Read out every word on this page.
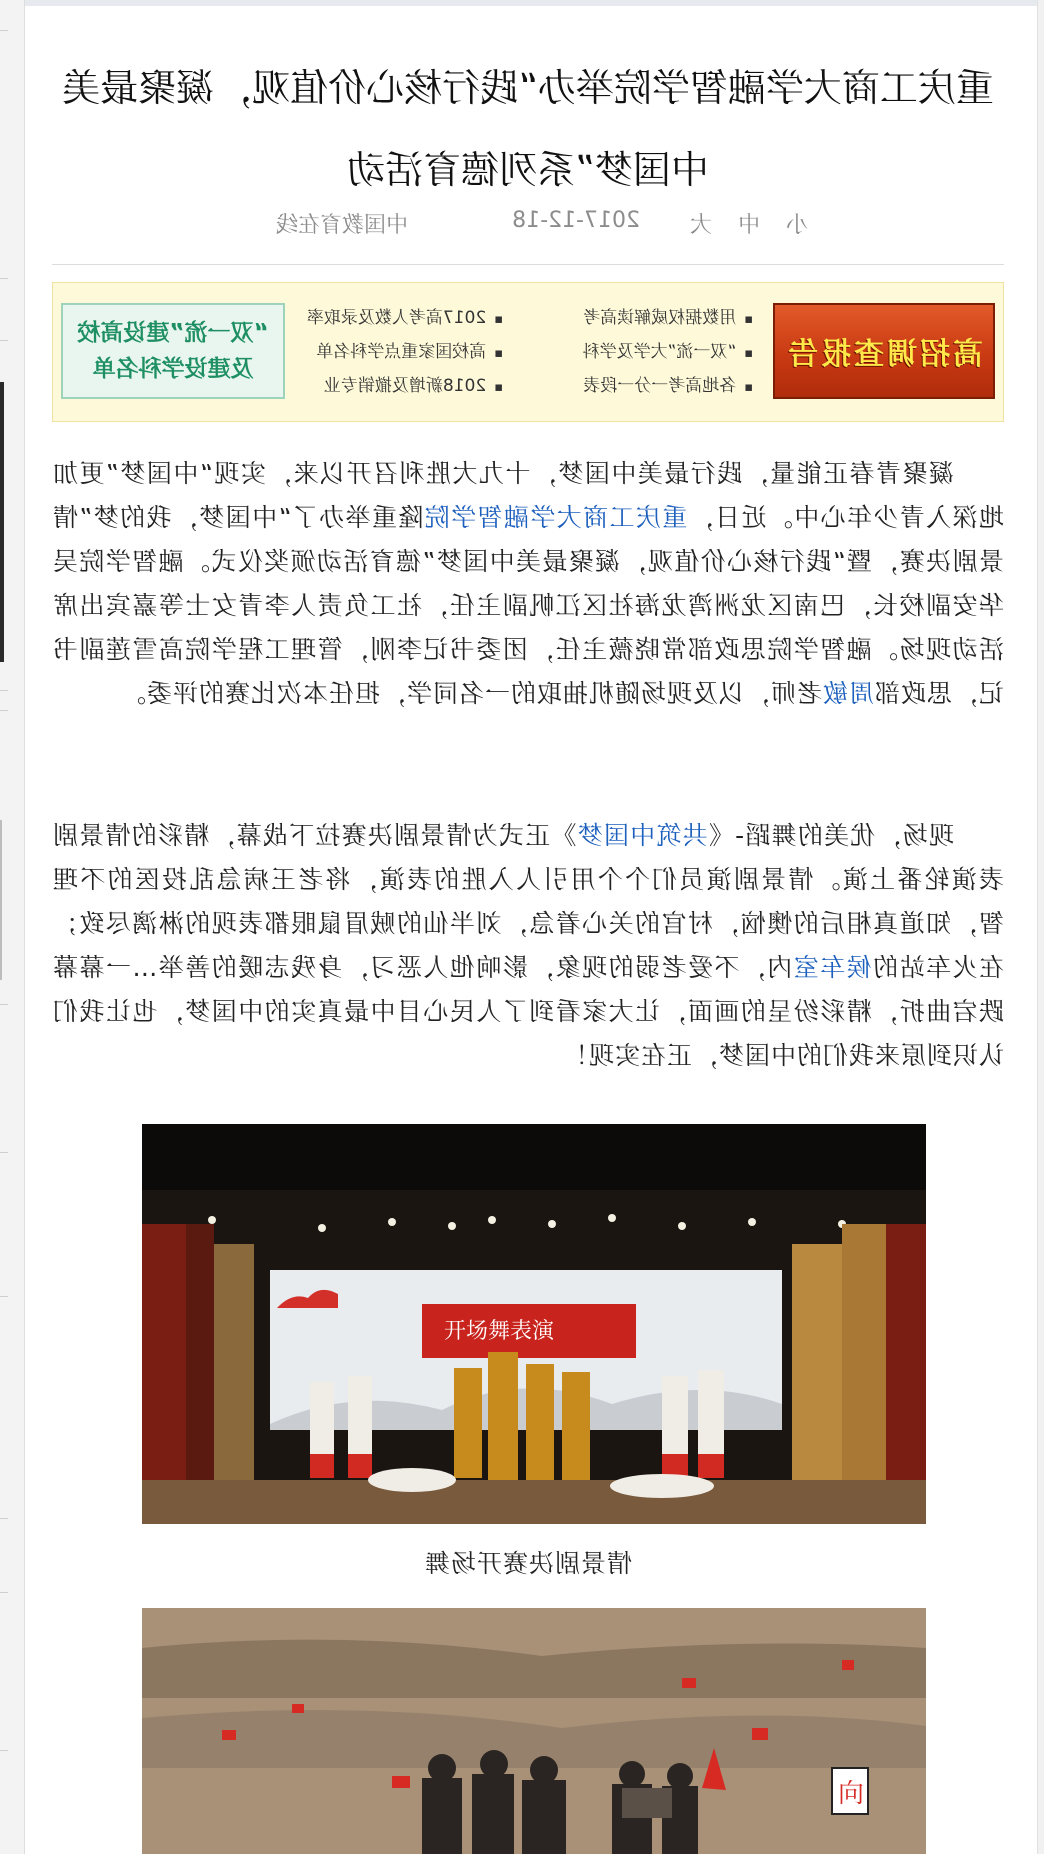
重庆工商大学融智学院举办“践行核心价值观，凝聚最美中国梦”系列德育活动
小
中
大
2017-12-18
中国教育在线
高招调查报告
▪ 用数据权威解读高考
▪ “双一流”大学及学科
▪ 各地高考一分一段表
▪ 2017高考人数及录取率
▪ 高校国家重点学科名单
▪ 2018新增及撤销专业
“双一流”建设高校
及建设学科名单

凝聚青春正能量，践行最美中国梦，十九大胜利召开以来，实现“中国梦”更加地深入青少年心中。近日，重庆工商大学融智学院隆重举办了“中国梦，我的梦”情景剧决赛，暨“践行核心价值观，凝聚最美中国梦”德育活动颁奖仪式。融智学院吴华安副校长，巴南区龙洲湾龙海社区江帆副主任，社工负责人李青女士等嘉宾出席活动现场。融智学院思政部常晓薇主任，团委书记李刚，管理工程学院高雪莲副书记，思政部周敏老师，以及现场随机抽取的一名同学，担任本次比赛的评委。

现场，优美的舞蹈-《共筑中国梦》正式为情景剧决赛拉下战幕，精彩的情景剧表演轮番上演。情景剧演员们个个用引人入胜的表演，将老王病急乱投医的不理智，知道真相后的懊恼，村官的关心着急，刘半仙的贼眉鼠眼都表现的淋漓尽致；在火车站的候车室内，不爱老弱的现象，影响他人恶习，身残志暖的善举…一幕幕跌宕曲折，精彩纷呈的画面，让大家看到了人民心目中最真实的中国梦，也让我们认识到原来我们的中国梦，正在实现！

开场舞表演
情景剧决赛开场舞
向
